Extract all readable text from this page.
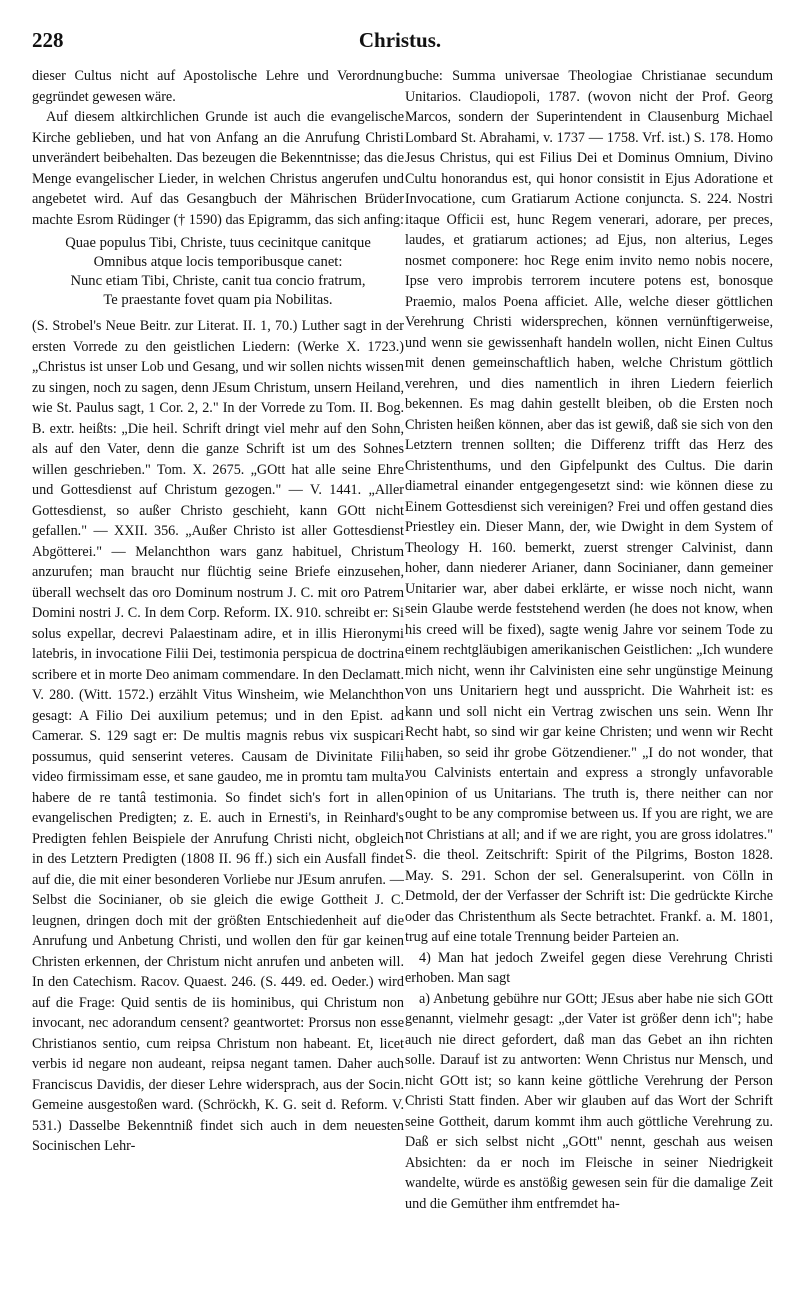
228	Christus.

dieser Cultus nicht auf Apostolische Lehre und Verordnung gegründet gewesen wäre.

Auf diesem altkirchlichen Grunde ist auch die evangelische Kirche geblieben, und hat von Anfang an die Anrufung Christi unverändert beibehalten. Das bezeugen die Bekenntnisse; das die Menge evangelischer Lieder, in welchen Christus angerufen und angebetet wird. Auf das Gesangbuch der Mährischen Brüder machte Esrom Rüdinger († 1590) das Epigramm, das sich anfing:

Quae populus Tibi, Christe, tuus cecinitque canitque
Omnibus atque locis temporibusque canet:
Nunc etiam Tibi, Christe, canit tua concio fratrum,
Te praestante fovet quam pia Nobilitas.

(S. Strobel's Neue Beitr. zur Literat. II. 1, 70.) Luther sagt in der ersten Vorrede zu den geistlichen Liedern: (Werke X. 1723.) „Christus ist unser Lob und Gesang, und wir sollen nichts wissen zu singen, noch zu sagen, denn JEsum Christum, unsern Heiland, wie St. Paulus sagt, 1 Cor. 2, 2." In der Vorrede zu Tom. II. Bog. B. extr. heißts: „Die heil. Schrift dringt viel mehr auf den Sohn, als auf den Vater, denn die ganze Schrift ist um des Sohnes willen geschrieben." Tom. X. 2675. „GOtt hat alle seine Ehre und Gottesdienst auf Christum gezogen." — V. 1441. „Aller Gottesdienst, so außer Christo geschieht, kann GOtt nicht gefallen." — XXII. 356. „Außer Christo ist aller Gottesdienst Abgötterei." — Melanchthon wars ganz habituel, Christum anzurufen; man braucht nur flüchtig seine Briefe einzusehen, überall wechselt das oro Dominum nostrum J. C. mit oro Patrem Domini nostri J. C. In dem Corp. Reform. IX. 910. schreibt er: Si solus expellar, decrevi Palaestinam adire, et in illis Hieronymi latebris, in invocatione Filii Dei, testimonia perspicua de doctrina scribere et in morte Deo animam commendare. In den Declamatt. V. 280. (Witt. 1572.) erzählt Vitus Winsheim, wie Melanchthon gesagt: A Filio Dei auxilium petemus; und in den Epist. ad Camerar. S. 129 sagt er: De multis magnis rebus vix suspicari possumus, quid senserint veteres. Causam de Divinitate Filii video firmissimam esse, et sane gaudeo, me in promtu tam multa habere de re tantâ testimonia. So findet sich's fort in allen evangelischen Predigten; z. E. auch in Ernesti's, in Reinhard's Predigten fehlen Beispiele der Anrufung Christi nicht, obgleich in des Letztern Predigten (1808 II. 96 ff.) sich ein Ausfall findet auf die, die mit einer besonderen Vorliebe nur JEsum anrufen. — Selbst die Socinianer, ob sie gleich die ewige Gottheit J. C. leugnen, dringen doch mit der größten Entschiedenheit auf die Anrufung und Anbetung Christi, und wollen den für gar keinen Christen erkennen, der Christum nicht anrufen und anbeten will. In den Catechism. Racov. Quaest. 246. (S. 449. ed. Oeder.) wird auf die Frage: Quid sentis de iis hominibus, qui Christum non invocant, nec adorandum censent? geantwortet: Prorsus non esse Christianos sentio, cum reipsa Christum non habeant. Et, licet verbis id negare non audeant, reipsa negant tamen. Daher auch Franciscus Davidis, der dieser Lehre widersprach, aus der Socin. Gemeine ausgestoßen ward. (Schröckh, K. G. seit d. Reform. V. 531.) Dasselbe Bekenntniß findet sich auch in dem neuesten Socinischen Lehr-

buche: Summa universae Theologiae Christianae secundum Unitarios. Claudiopoli, 1787. (wovon nicht der Prof. Georg Marcos, sondern der Superintendent in Clausenburg Michael Lombard St. Abrahami, v. 1737 — 1758. Vrf. ist.) S. 178. Homo Jesus Christus, qui est Filius Dei et Dominus Omnium, Divino Cultu honorandus est, qui honor consistit in Ejus Adoratione et Invocatione, cum Gratiarum Actione conjuncta. S. 224. Nostri itaque Officii est, hunc Regem venerari, adorare, per preces, laudes, et gratiarum actiones; ad Ejus, non alterius, Leges nosmet componere: hoc Rege enim invito nemo nobis nocere, Ipse vero improbis terrorem incutere potens est, bonosque Praemio, malos Poena afficiet. Alle, welche dieser göttlichen Verehrung Christi widersprechen, können vernünftigerweise, und wenn sie gewissenhaft handeln wollen, nicht Einen Cultus mit denen gemeinschaftlich haben, welche Christum göttlich verehren, und dies namentlich in ihren Liedern feierlich bekennen. Es mag dahin gestellt bleiben, ob die Ersten noch Christen heißen können, aber das ist gewiß, daß sie sich von den Letztern trennen sollten; die Differenz trifft das Herz des Christenthums, und den Gipfelpunkt des Cultus. Die darin diametral einander entgegengesetzt sind: wie können diese zu Einem Gottesdienst sich vereinigen? Frei und offen gestand dies Priestley ein. Dieser Mann, der, wie Dwight in dem System of Theology H. 160. bemerkt, zuerst strenger Calvinist, dann hoher, dann niederer Arianer, dann Socinianer, dann gemeiner Unitarier war, aber dabei erklärte, er wisse noch nicht, wann sein Glaube werde feststehend werden (he does not know, when his creed will be fixed), sagte wenig Jahre vor seinem Tode zu einem rechtgläubigen amerikanischen Geistlichen: „Ich wundere mich nicht, wenn ihr Calvinisten eine sehr ungünstige Meinung von uns Unitariern hegt und ausspricht. Die Wahrheit ist: es kann und soll nicht ein Vertrag zwischen uns sein. Wenn Ihr Recht habt, so sind wir gar keine Christen; und wenn wir Recht haben, so seid ihr grobe Götzendiener." „I do not wonder, that you Calvinists entertain and express a strongly unfavorable opinion of us Unitarians. The truth is, there neither can nor ought to be any compromise between us. If you are right, we are not Christians at all; and if we are right, you are gross idolatres." S. die theol. Zeitschrift: Spirit of the Pilgrims, Boston 1828. May. S. 291. Schon der sel. Generalsuperint. von Cölln in Detmold, der der Verfasser der Schrift ist: Die gedrückte Kirche oder das Christenthum als Secte betrachtet. Frankf. a. M. 1801, trug auf eine totale Trennung beider Parteien an.

4) Man hat jedoch Zweifel gegen diese Verehrung Christi erhoben. Man sagt

a) Anbetung gebühre nur GOtt; JEsus aber habe nie sich GOtt genannt, vielmehr gesagt: „der Vater ist größer denn ich"; habe auch nie direct gefordert, daß man das Gebet an ihn richten solle. Darauf ist zu antworten: Wenn Christus nur Mensch, und nicht GOtt ist; so kann keine göttliche Verehrung der Person Christi Statt finden. Aber wir glauben auf das Wort der Schrift seine Gottheit, darum kommt ihm auch göttliche Verehrung zu. Daß er sich selbst nicht „GOtt" nennt, geschah aus weisen Absichten: da er noch im Fleische in seiner Niedrigkeit wandelte, würde es anstößig gewesen sein für die damalige Zeit und die Gemüther ihm entfremdet ha-
